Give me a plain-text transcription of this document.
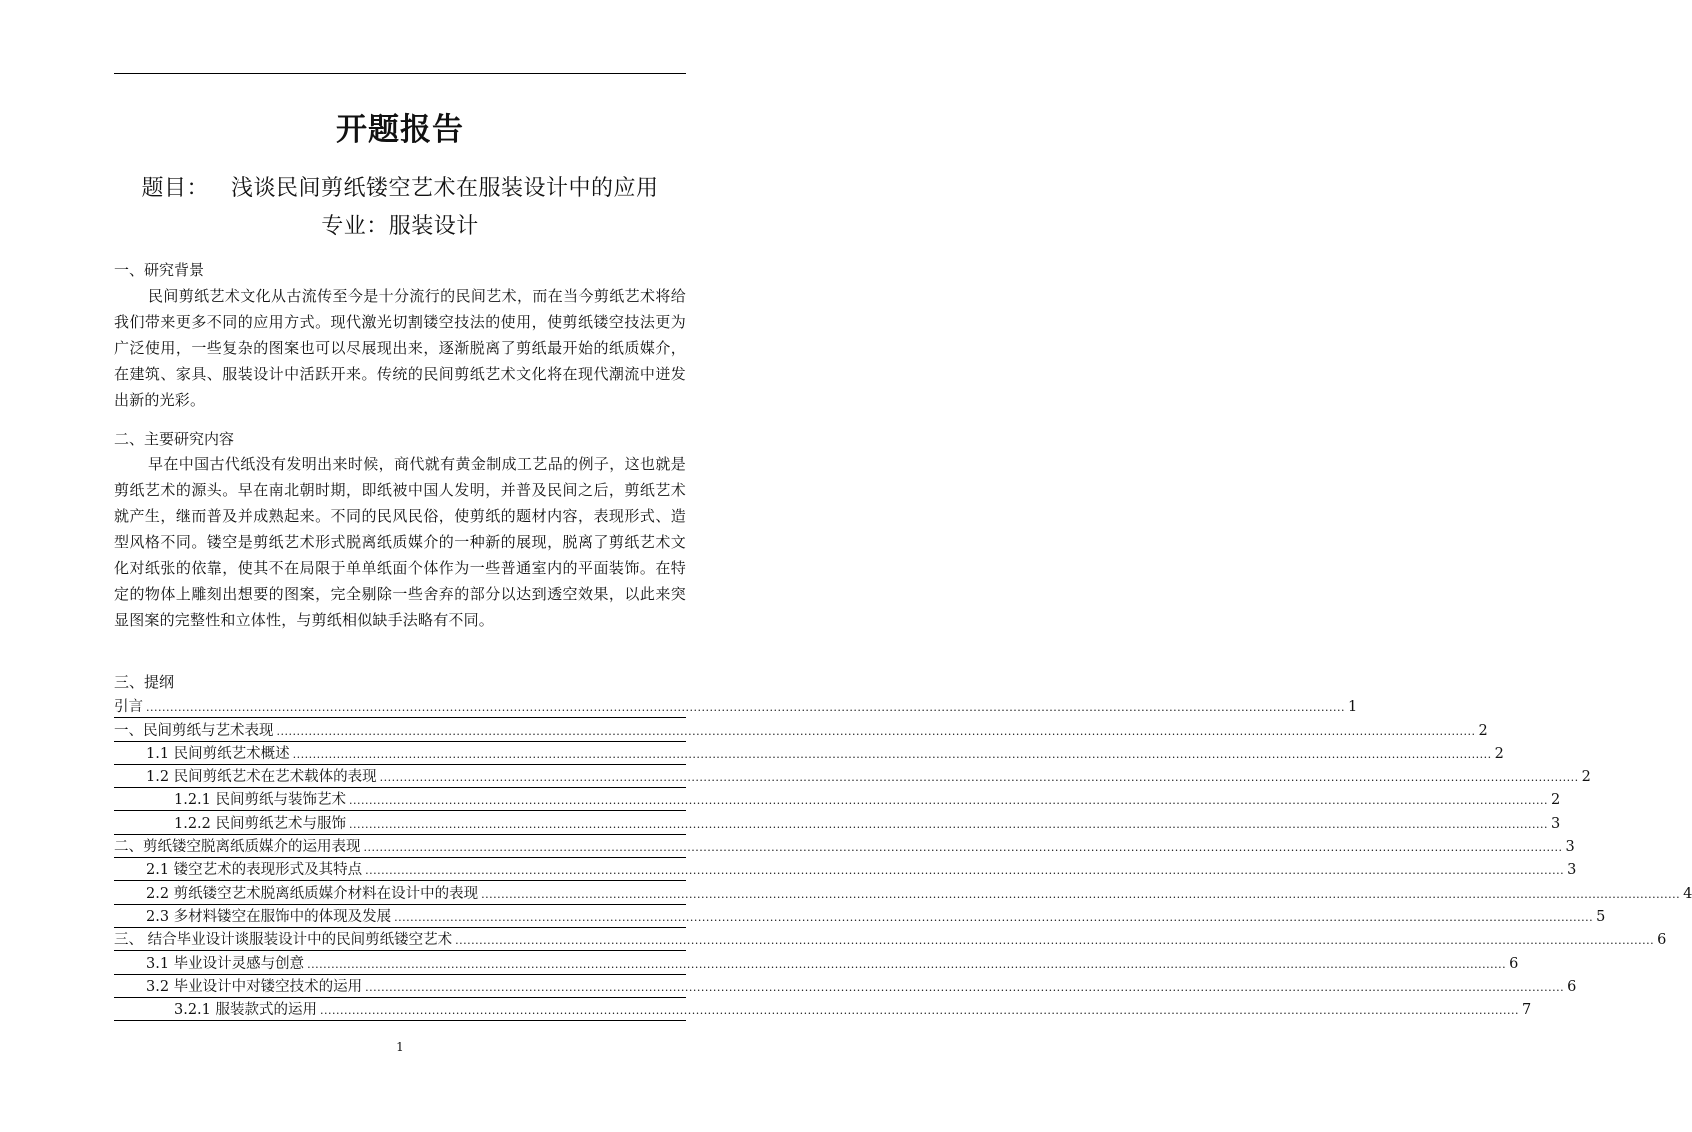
开题报告
题目： 浅谈民间剪纸镂空艺术在服装设计中的应用
专业：服装设计
一、研究背景
民间剪纸艺术文化从古流传至今是十分流行的民间艺术，而在当今剪纸艺术将给我们带来更多不同的应用方式。现代激光切割镂空技法的使用，使剪纸镂空技法更为广泛使用，一些复杂的图案也可以尽展现出来，逐渐脱离了剪纸最开始的纸质媒介，在建筑、家具、服装设计中活跃开来。传统的民间剪纸艺术文化将在现代潮流中迸发出新的光彩。
二、主要研究内容
早在中国古代纸没有发明出来时候，商代就有黄金制成工艺品的例子，这也就是剪纸艺术的源头。早在南北朝时期，即纸被中国人发明，并普及民间之后，剪纸艺术就产生，继而普及并成熟起来。不同的民风民俗，使剪纸的题材内容，表现形式、造型风格不同。镂空是剪纸艺术形式脱离纸质媒介的一种新的展现，脱离了剪纸艺术文化对纸张的依靠，使其不在局限于单单纸面个体作为一些普通室内的平面装饰。在特定的物体上雕刻出想要的图案，完全剔除一些舍弃的部分以达到透空效果，以此来突显图案的完整性和立体性，与剪纸相似缺手法略有不同。
三、提纲
引言 ............................................................................................................................................................................................................................................................................................................ 1
一、民间剪纸与艺术表现 ............................................................................................................................................................................................................................................................................................................ 2
1.1 民间剪纸艺术概述 ............................................................................................................................................................................................................................................................................................................ 2
1.2 民间剪纸艺术在艺术载体的表现 ............................................................................................................................................................................................................................................................................................................ 2
1.2.1 民间剪纸与装饰艺术 ............................................................................................................................................................................................................................................................................................................ 2
1.2.2 民间剪纸艺术与服饰 ............................................................................................................................................................................................................................................................................................................ 3
二、剪纸镂空脱离纸质媒介的运用表现 ............................................................................................................................................................................................................................................................................................................ 3
2.1 镂空艺术的表现形式及其特点 ............................................................................................................................................................................................................................................................................................................ 3
2.2 剪纸镂空艺术脱离纸质媒介材料在设计中的表现 ............................................................................................................................................................................................................................................................................................................ 4
2.3 多材料镂空在服饰中的体现及发展 ............................................................................................................................................................................................................................................................................................................ 5
三、 结合毕业设计谈服装设计中的民间剪纸镂空艺术 ............................................................................................................................................................................................................................................................................................................ 6
3.1 毕业设计灵感与创意 ............................................................................................................................................................................................................................................................................................................ 6
3.2 毕业设计中对镂空技术的运用 ............................................................................................................................................................................................................................................................................................................ 6
3.2.1 服装款式的运用 ............................................................................................................................................................................................................................................................................................................ 7
1
